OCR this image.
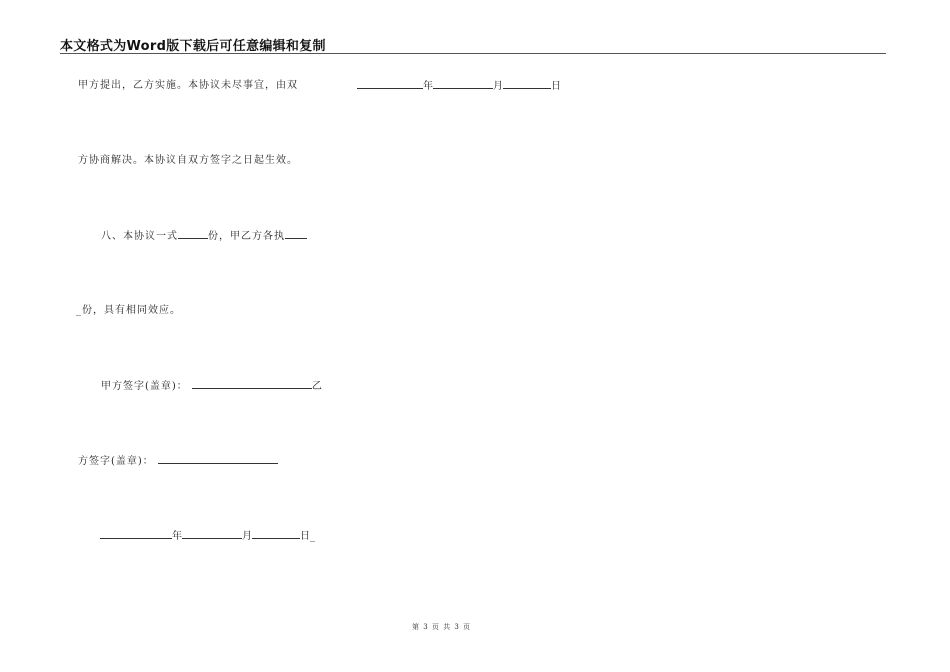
本文格式为Word版下载后可任意编辑和复制
甲方提出，乙方实施。本协议未尽事宜，由双	年	月	日
方协商解决。本协议自双方签字之日起生效。
八、本协议一式	份，甲乙方各执
_份，具有相同效应。
甲方签字(盖章)：	乙
方签字(盖章)：
年	月	日_
第 3 页 共 3 页
